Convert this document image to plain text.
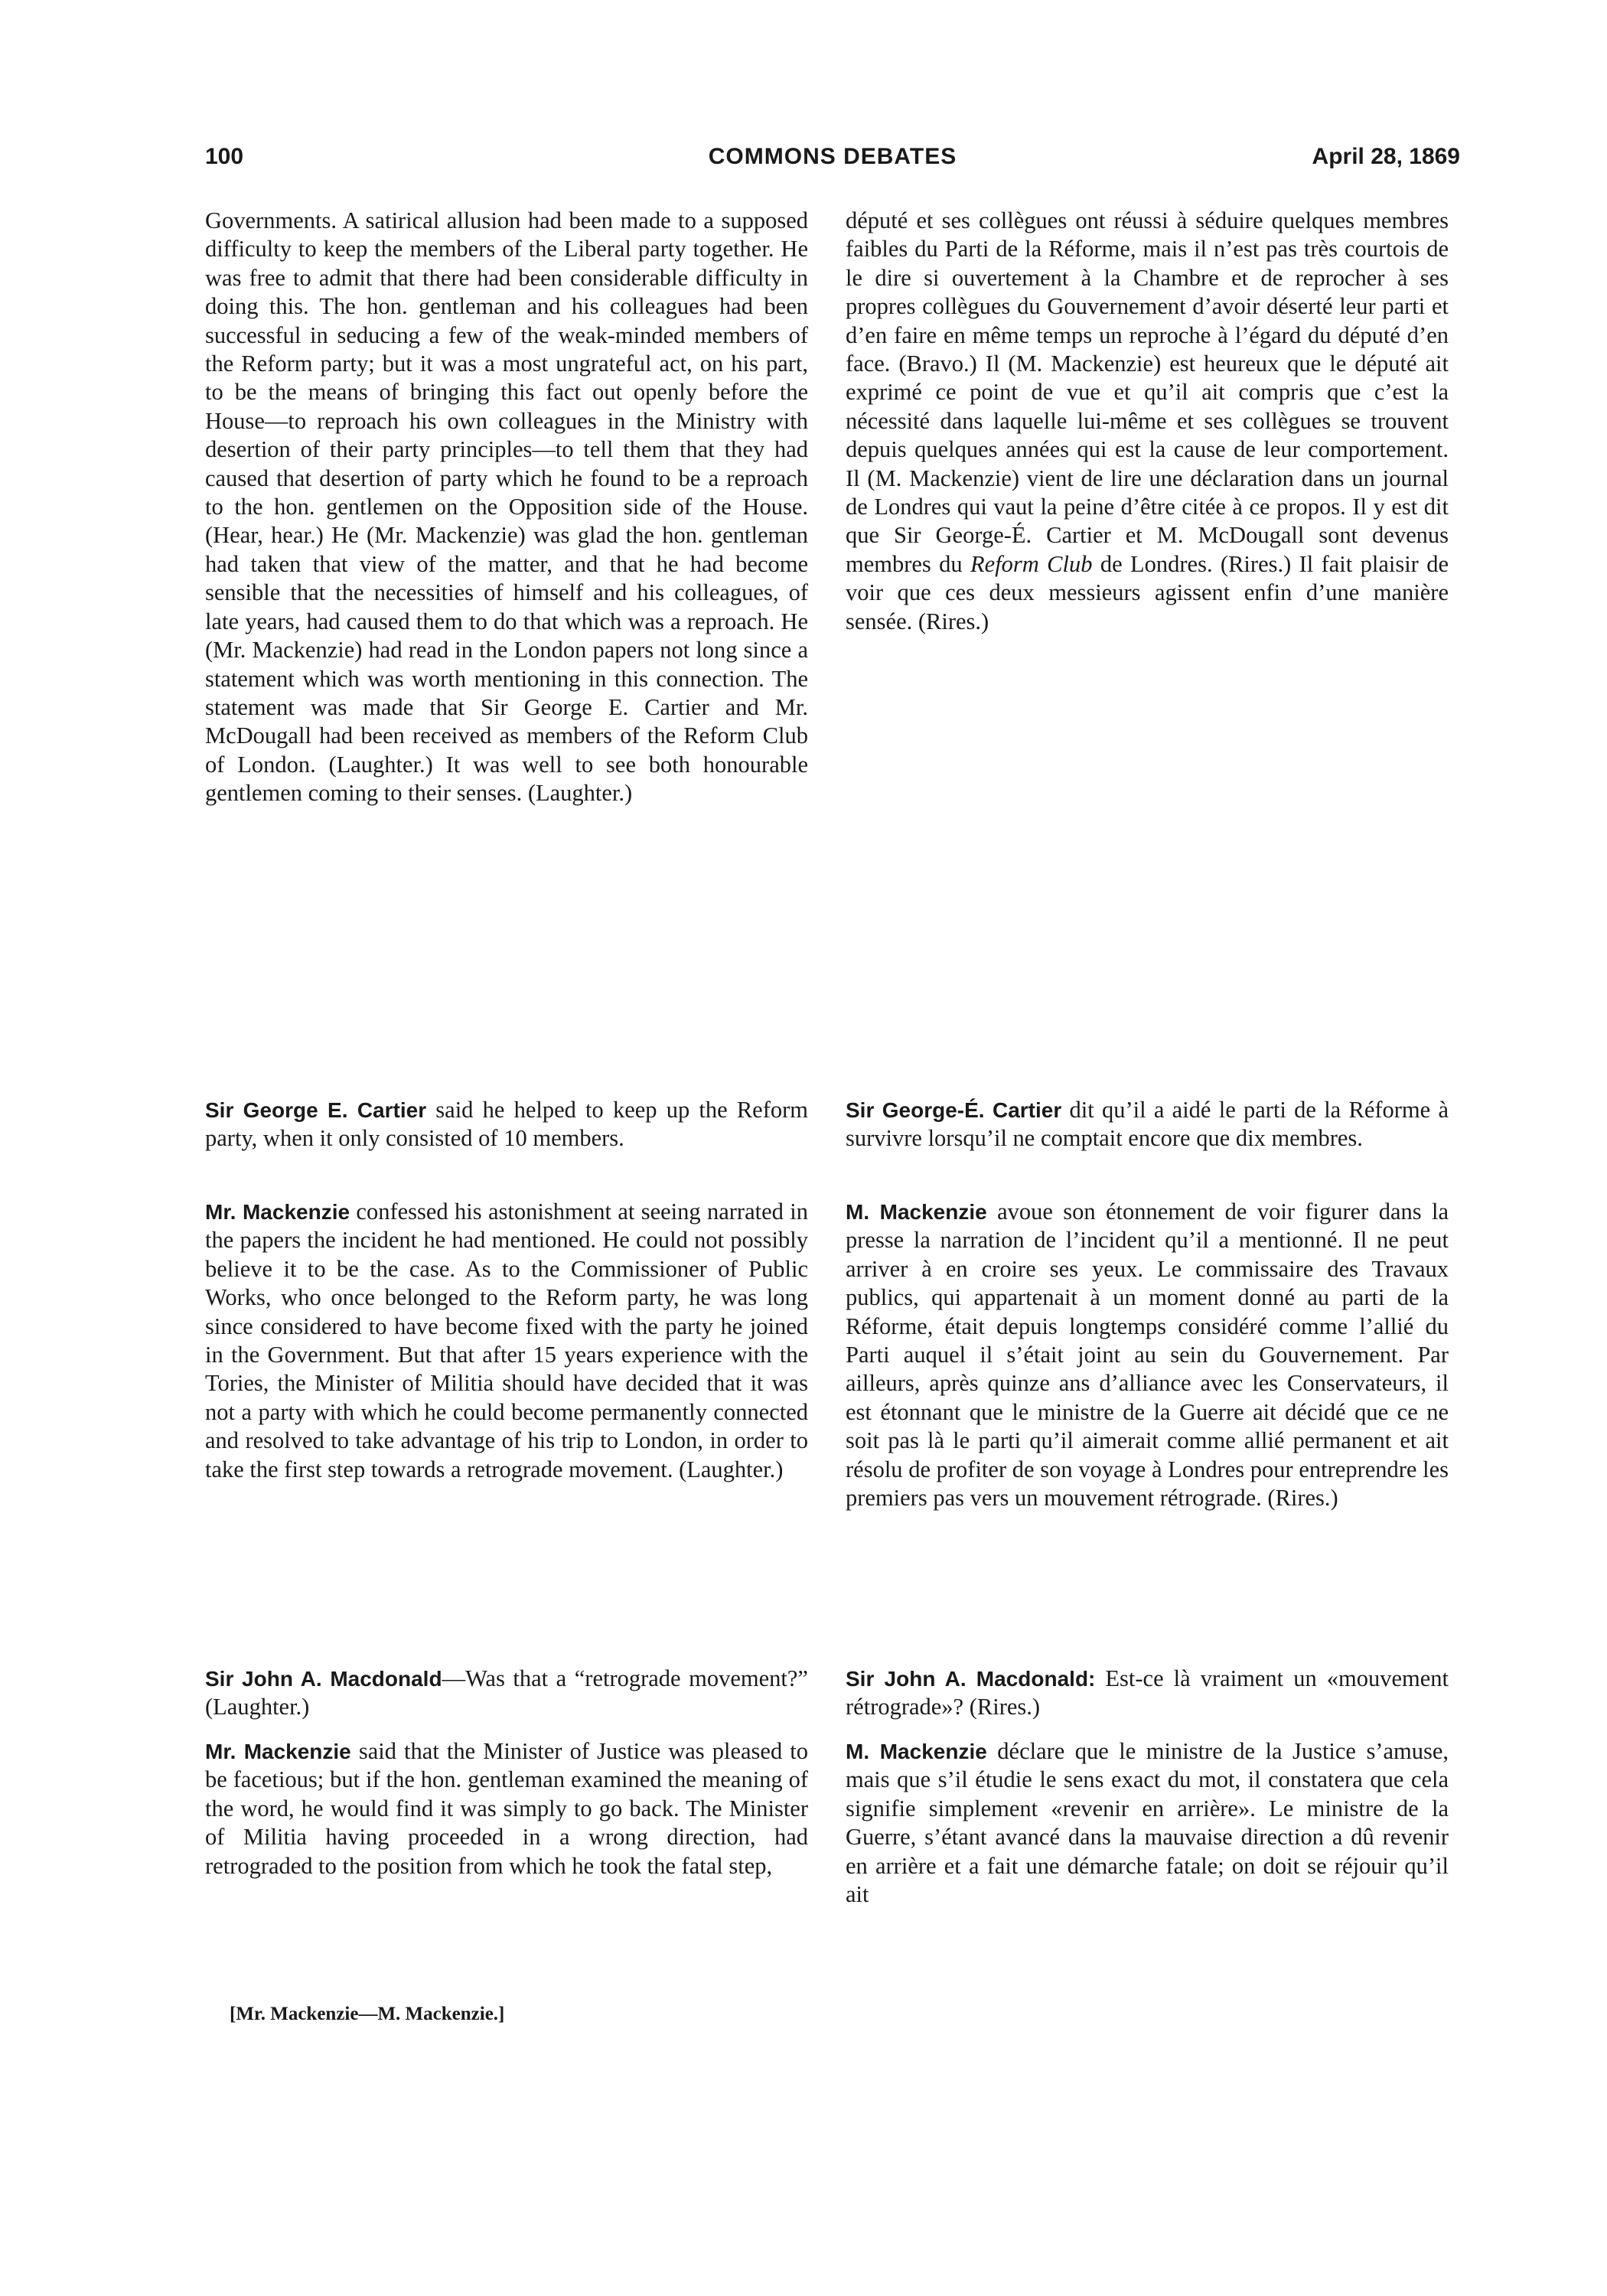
100	COMMONS DEBATES	April 28, 1869

Governments. A satirical allusion had been made to a supposed difficulty to keep the members of the Liberal party together. He was free to admit that there had been considerable difficulty in doing this. The hon. gentleman and his colleagues had been successful in seducing a few of the weak-minded members of the Reform party; but it was a most ungrateful act, on his part, to be the means of bringing this fact out openly before the House—to reproach his own colleagues in the Ministry with desertion of their party principles—to tell them that they had caused that desertion of party which he found to be a reproach to the hon. gentlemen on the Opposition side of the House. (Hear, hear.) He (Mr. Mackenzie) was glad the hon. gentleman had taken that view of the matter, and that he had become sensible that the necessities of himself and his colleagues, of late years, had caused them to do that which was a reproach. He (Mr. Mackenzie) had read in the London papers not long since a statement which was worth mentioning in this connection. The statement was made that Sir George E. Cartier and Mr. McDougall had been received as members of the Reform Club of London. (Laughter.) It was well to see both honourable gentlemen coming to their senses. (Laughter.)

Sir George E. Cartier said he helped to keep up the Reform party, when it only consisted of 10 members.

Mr. Mackenzie confessed his astonishment at seeing narrated in the papers the incident he had mentioned. He could not possibly believe it to be the case. As to the Commissioner of Public Works, who once belonged to the Reform party, he was long since considered to have become fixed with the party he joined in the Government. But that after 15 years experience with the Tories, the Minister of Militia should have decided that it was not a party with which he could become permanently connected and resolved to take advantage of his trip to London, in order to take the first step towards a retrograde movement. (Laughter.)

Sir John A. Macdonald—Was that a “retrograde movement?” (Laughter.)

Mr. Mackenzie said that the Minister of Justice was pleased to be facetious; but if the hon. gentleman examined the meaning of the word, he would find it was simply to go back. The Minister of Militia having proceeded in a wrong direction, had retrograded to the position from which he took the fatal step,

député et ses collègues ont réussi à séduire quelques membres faibles du Parti de la Réforme, mais il n’est pas très courtois de le dire si ouvertement à la Chambre et de reprocher à ses propres collègues du Gouvernement d’avoir déserté leur parti et d’en faire en même temps un reproche à l’égard du député d’en face. (Bravo.) Il (M. Mackenzie) est heureux que le député ait exprimé ce point de vue et qu’il ait compris que c’est la nécessité dans laquelle lui-même et ses collègues se trouvent depuis quelques années qui est la cause de leur comportement. Il (M. Mackenzie) vient de lire une déclaration dans un journal de Londres qui vaut la peine d’être citée à ce propos. Il y est dit que Sir George-É. Cartier et M. McDougall sont devenus membres du Reform Club de Londres. (Rires.) Il fait plaisir de voir que ces deux messieurs agissent enfin d’une manière sensée. (Rires.)

Sir George-É. Cartier dit qu’il a aidé le parti de la Réforme à survivre lorsqu’il ne comptait encore que dix membres.

M. Mackenzie avoue son étonnement de voir figurer dans la presse la narration de l’incident qu’il a mentionné. Il ne peut arriver à en croire ses yeux. Le commissaire des Travaux publics, qui appartenait à un moment donné au parti de la Réforme, était depuis longtemps considéré comme l’allié du Parti auquel il s’était joint au sein du Gouvernement. Par ailleurs, après quinze ans d’alliance avec les Conservateurs, il est étonnant que le ministre de la Guerre ait décidé que ce ne soit pas là le parti qu’il aimerait comme allié permanent et ait résolu de profiter de son voyage à Londres pour entreprendre les premiers pas vers un mouvement rétrograde. (Rires.)

Sir John A. Macdonald: Est-ce là vraiment un «mouvement rétrograde»? (Rires.)

M. Mackenzie déclare que le ministre de la Justice s’amuse, mais que s’il étudie le sens exact du mot, il constatera que cela signifie simplement «revenir en arrière». Le ministre de la Guerre, s’étant avancé dans la mauvaise direction a dû revenir en arrière et a fait une démarche fatale; on doit se réjouir qu’il ait

[Mr. Mackenzie—M. Mackenzie.]
